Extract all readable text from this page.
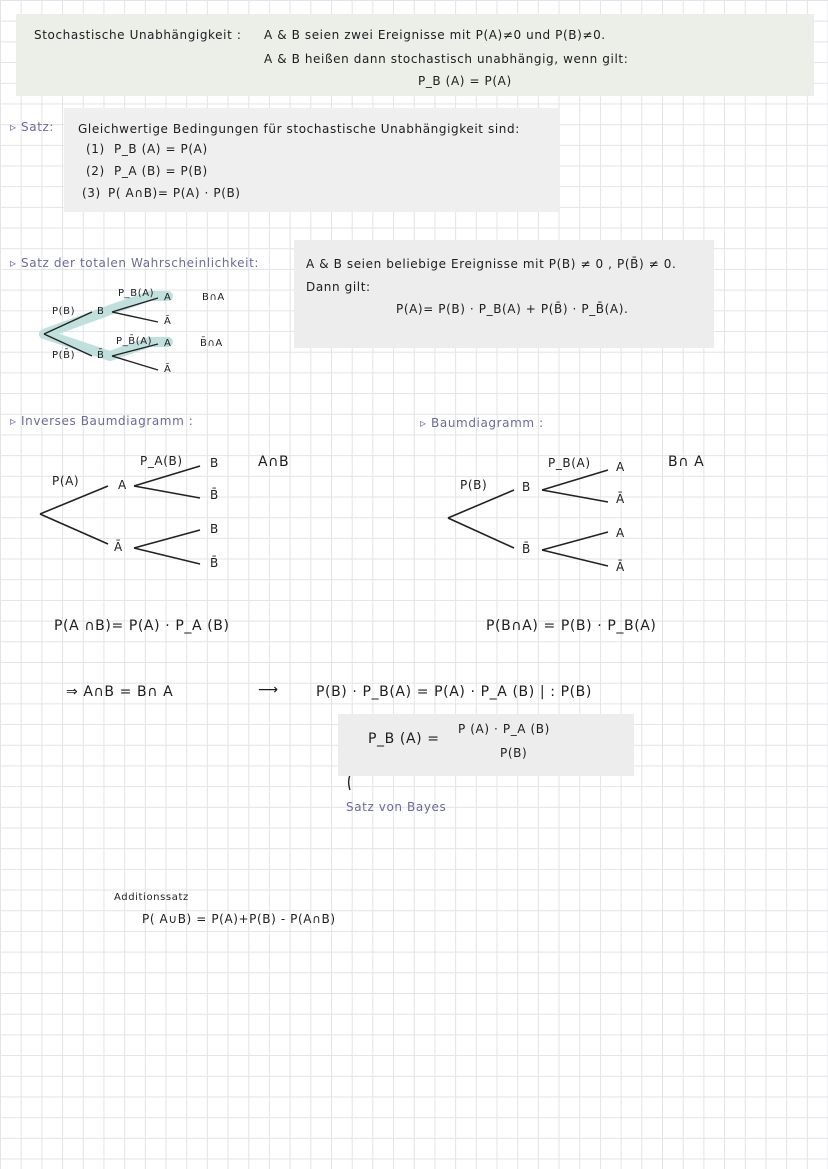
Stochastische Unabhängigkeit : A & B seien zwei Ereignisse mit P(A)≠0 und P(B)≠0.
A & B heißen dann stochastisch unabhängig, wenn gilt:
P_B (A) = P(A)
▹ Satz: Gleichwertige Bedingungen für stochastische Unabhängigkeit sind:
(1) P_B (A) = P(A)
(2) P_A (B) = P(B)
(3) P( A∩B)= P(A) · P(B)
▹ Satz der totalen Wahrscheinlichkeit:	A & B seien beliebige Ereignisse mit P(B) ≠ 0 , P(B̄) ≠ 0.
Dann gilt:
P(A)= P(B) · P_B(A) + P(B̄) · P_B̄(A).
P(B)
P(B̄)
B
B̄
P_B(A)
P_B̄(A)
A
Ā
A
Ā
B∩A
B̄∩A
▹ Inverses Baumdiagramm :
P(A)	A
Ā
P_A(B) B
B̄
B
B̄
A∩B
P(A ∩B)= P(A) · P_A (B)
▹ Baumdiagramm :
P(B)	B
B̄
P_B(A) A
Ā
A
Ā
B∩ A
P(B∩A) = P(B) · P_B(A)
⇒ A∩B = B∩ A	⟶	P(B) · P_B(A) = P(A) · P_A (B) | : P(B)
P_B (A) =
P (A) · P_A (B)
P(B)
Satz von Bayes
Additionssatz
P( A∪B) = P(A)+P(B) - P(A∩B)
